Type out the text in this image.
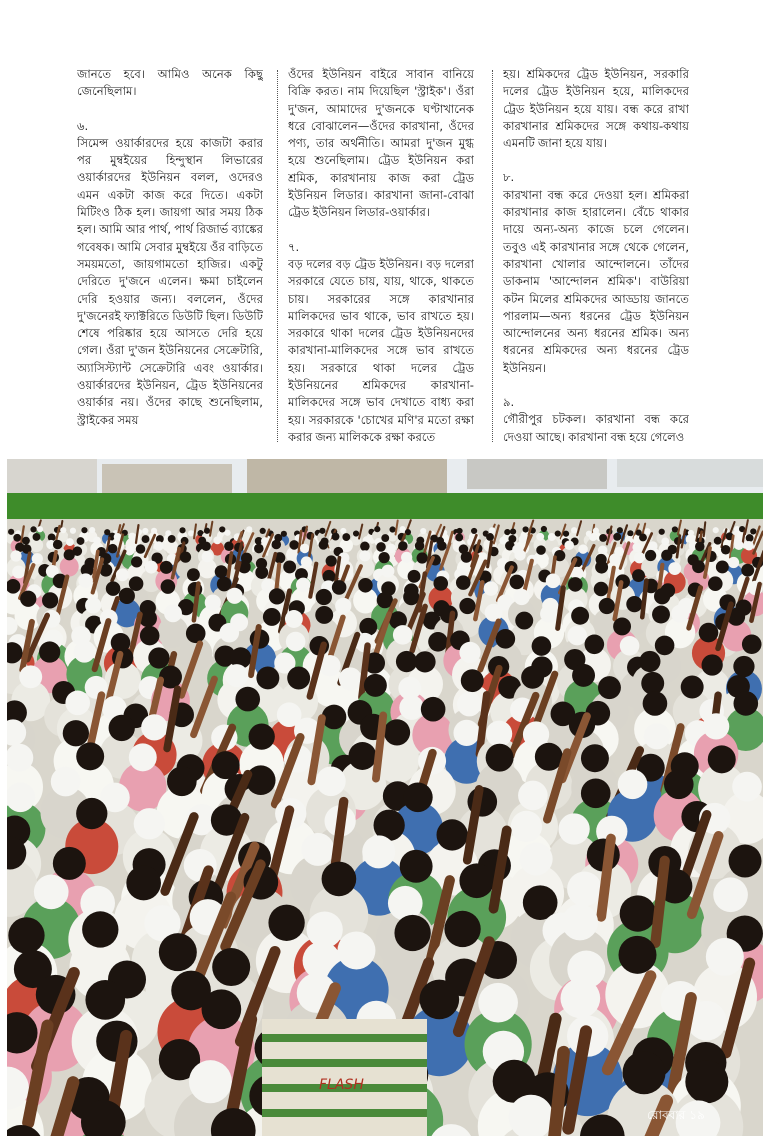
জানতে হবে। আমিও অনেক কিছু জেনেছিলাম।

৬.

সিমেন্স ওয়ার্কারদের হয়ে কাজটা করার পর মুম্বইয়ের হিন্দুস্থান লিভারের ওয়ার্কারদের ইউনিয়ন বলল, ওদেরও এমন একটা কাজ করে দিতে। একটা মিটিংও ঠিক হল। জায়গা আর সময় ঠিক হল। আমি আর পার্থ, পার্থ রিজার্ভ ব্যাঙ্কের গবেষক। আমি সেবার মুম্বইয়ে ওঁর বাড়িতে সময়মতো, জায়গামতো হাজির। একটু দেরিতে দু'জনে এলেন। ক্ষমা চাইলেন দেরি হওয়ার জন্য। বললেন, ওঁদের দু'জনেরই ফ্যাক্টরিতে ডিউটি ছিল। ডিউটি শেষে পরিষ্কার হয়ে আসতে দেরি হয়ে গেল। ওঁরা দু'জন ইউনিয়নের সেক্রেটারি, অ্যাসিস্ট্যান্ট সেক্রেটারি এবং ওয়ার্কার। ওয়ার্কারদের ইউনিয়ন, ট্রেড ইউনিয়নের ওয়ার্কার নয়। ওঁদের কাছে শুনেছিলাম, স্ট্রাইকের সময়

ওঁদের ইউনিয়ন বাইরে সাবান বানিয়ে বিক্রি করত। নাম দিয়েছিল 'স্ট্রাইক'। ওঁরা দু'জন, আমাদের দু'জনকে ঘণ্টাখানেক ধরে বোঝালেন—ওঁদের কারখানা, ওঁদের পণ্য, তার অর্থনীতি। আমরা দু'জন মুগ্ধ হয়ে শুনেছিলাম। ট্রেড ইউনিয়ন করা শ্রমিক, কারখানায় কাজ করা ট্রেড ইউনিয়ন লিডার। কারখানা জানা-বোঝা ট্রেড ইউনিয়ন লিডার-ওয়ার্কার।

৭.

বড় দলের বড় ট্রেড ইউনিয়ন। বড় দলেরা সরকারে যেতে চায়, যায়, থাকে, থাকতে চায়। সরকারের সঙ্গে কারখানার মালিকদের ভাব থাকে, ভাব রাখতে হয়। সরকারে থাকা দলের ট্রেড ইউনিয়নদের কারখানা-মালিকদের সঙ্গে ভাব রাখতে হয়। সরকারে থাকা দলের ট্রেড ইউনিয়নের শ্রমিকদের কারখানা-মালিকদের সঙ্গে ভাব দেখাতে বাধ্য করা হয়। সরকারকে 'চোখের মণি'র মতো রক্ষা করার জন্য মালিককে রক্ষা করতে

হয়। শ্রমিকদের ট্রেড ইউনিয়ন, সরকারি দলের ট্রেড ইউনিয়ন হয়ে, মালিকদের ট্রেড ইউনিয়ন হয়ে যায়। বন্ধ করে রাখা কারখানার শ্রমিকদের সঙ্গে কথায়-কথায় এমনটি জানা হয়ে যায়।

৮.

কারখানা বন্ধ করে দেওয়া হল। শ্রমিকরা কারখানার কাজ হারালেন। বেঁচে থাকার দায়ে অন্য-অন্য কাজে চলে গেলেন। তবুও এই কারখানার সঙ্গে থেকে গেলেন, কারখানা খোলার আন্দোলনে। তাঁদের ডাকনাম 'আন্দোলন শ্রমিক'। বাউরিয়া কটন মিলের শ্রমিকদের আড্ডায় জানতে পারলাম—অন্য ধরনের ট্রেড ইউনিয়ন আন্দোলনের অন্য ধরনের শ্রমিক। অন্য ধরনের শ্রমিকদের অন্য ধরনের ট্রেড ইউনিয়ন।

৯.

গৌরীপুর চটকল। কারখানা বন্ধ করে দেওয়া আছে। কারখানা বন্ধ হয়ে গেলেও

FLASH
রোববার ১৯
